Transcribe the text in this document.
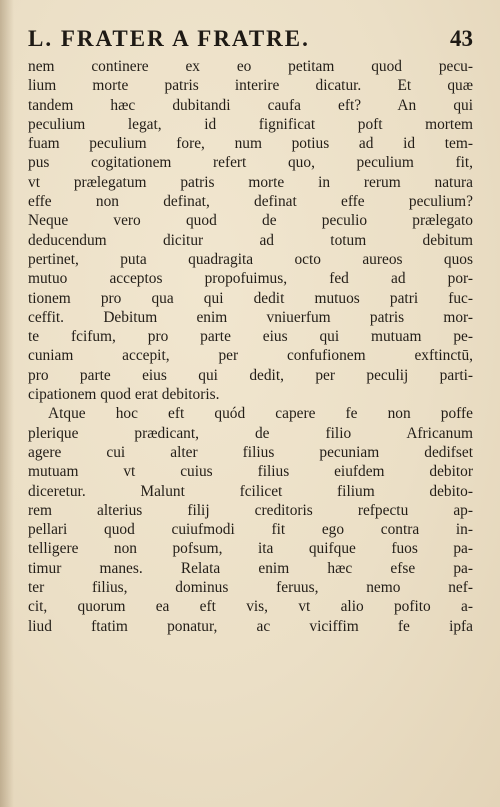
L. FRATER A FRATRE.	43
nem continere ex eo petitam quod pecu-
lium morte patris interire dicatur. Et quæ
tandem hæc dubitandi caufa eft? An qui
peculium legat, id fignificat poft mortem
fuam peculium fore, num potius ad id tem-
pus cogitationem refert quo, peculium fit,
vt prælegatum patris morte in rerum natura
effe non definat, definat effe peculium?
Neque vero quod de peculio prælegato
deducendum dicitur ad totum debitum
pertinet, puta quadragita octo aureos quos
mutuo acceptos propofuimus, fed ad por-
tionem pro qua qui dedit mutuos patri fuc-
ceffit. Debitum enim vniuerfum patris mor-
te fcifum, pro parte eius qui mutuam pe-
cuniam accepit, per confufionem exftinctū,
pro parte eius qui dedit, per peculij parti-
cipationem quod erat debitoris.
Atque hoc eft quód capere fe non poffe
plerique prædicant, de filio Africanum
agere cui alter filius pecuniam dedifset
mutuam vt cuius filius eiufdem debitor
diceretur. Malunt fcilicet filium debito-
rem alterius filij creditoris refpectu ap-
pellari quod cuiufmodi fit ego contra in-
telligere non pofsum, ita quifque fuos pa-
timur manes. Relata enim hæc efse pa-
ter filius, dominus feruus, nemo nef-
cit, quorum ea eft vis, vt alio pofito a-
liud ftatim ponatur, ac viciffim fe ipfa
